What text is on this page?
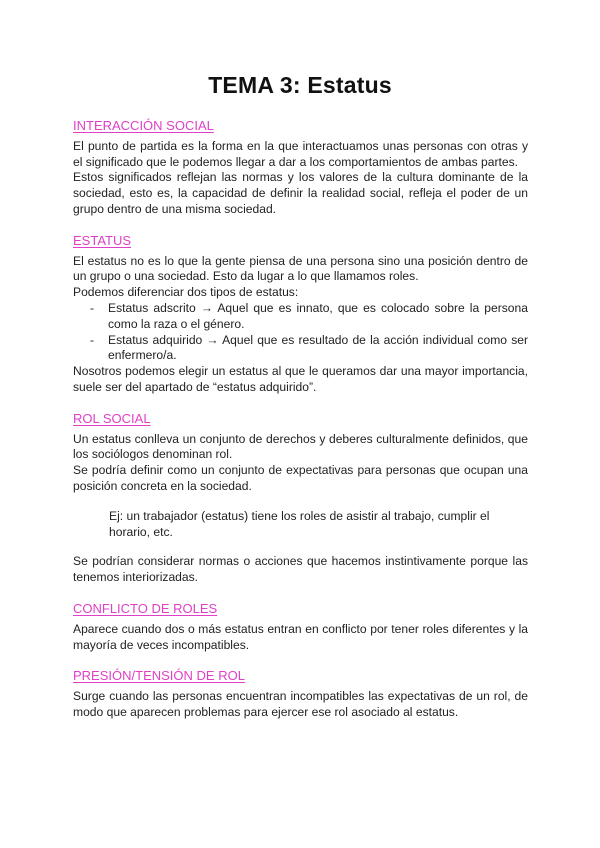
TEMA 3: Estatus
INTERACCIÓN SOCIAL

El punto de partida es la forma en la que interactuamos unas personas con otras y el significado que le podemos llegar a dar a los comportamientos de ambas partes.

Estos significados reflejan las normas y los valores de la cultura dominante de la sociedad, esto es, la capacidad de definir la realidad social, refleja el poder de un grupo dentro de una misma sociedad.

ESTATUS

El estatus no es lo que la gente piensa de una persona sino una posición dentro de un grupo o una sociedad. Esto da lugar a lo que llamamos roles.

Podemos diferenciar dos tipos de estatus:

- Estatus adscrito → Aquel que es innato, que es colocado sobre la persona como la raza o el género.
- Estatus adquirido → Aquel que es resultado de la acción individual como ser enfermero/a.

Nosotros podemos elegir un estatus al que le queramos dar una mayor importancia, suele ser del apartado de “estatus adquirido”.

ROL SOCIAL

Un estatus conlleva un conjunto de derechos y deberes culturalmente definidos, que los sociólogos denominan rol.

Se podría definir como un conjunto de expectativas para personas que ocupan una posición concreta en la sociedad.

Ej: un trabajador (estatus) tiene los roles de asistir al trabajo, cumplir el horario, etc.

Se podrían considerar normas o acciones que hacemos instintivamente porque las tenemos interiorizadas.

CONFLICTO DE ROLES

Aparece cuando dos o más estatus entran en conflicto por tener roles diferentes y la mayoría de veces incompatibles.

PRESIÓN/TENSIÓN DE ROL

Surge cuando las personas encuentran incompatibles las expectativas de un rol, de modo que aparecen problemas para ejercer ese rol asociado al estatus.
